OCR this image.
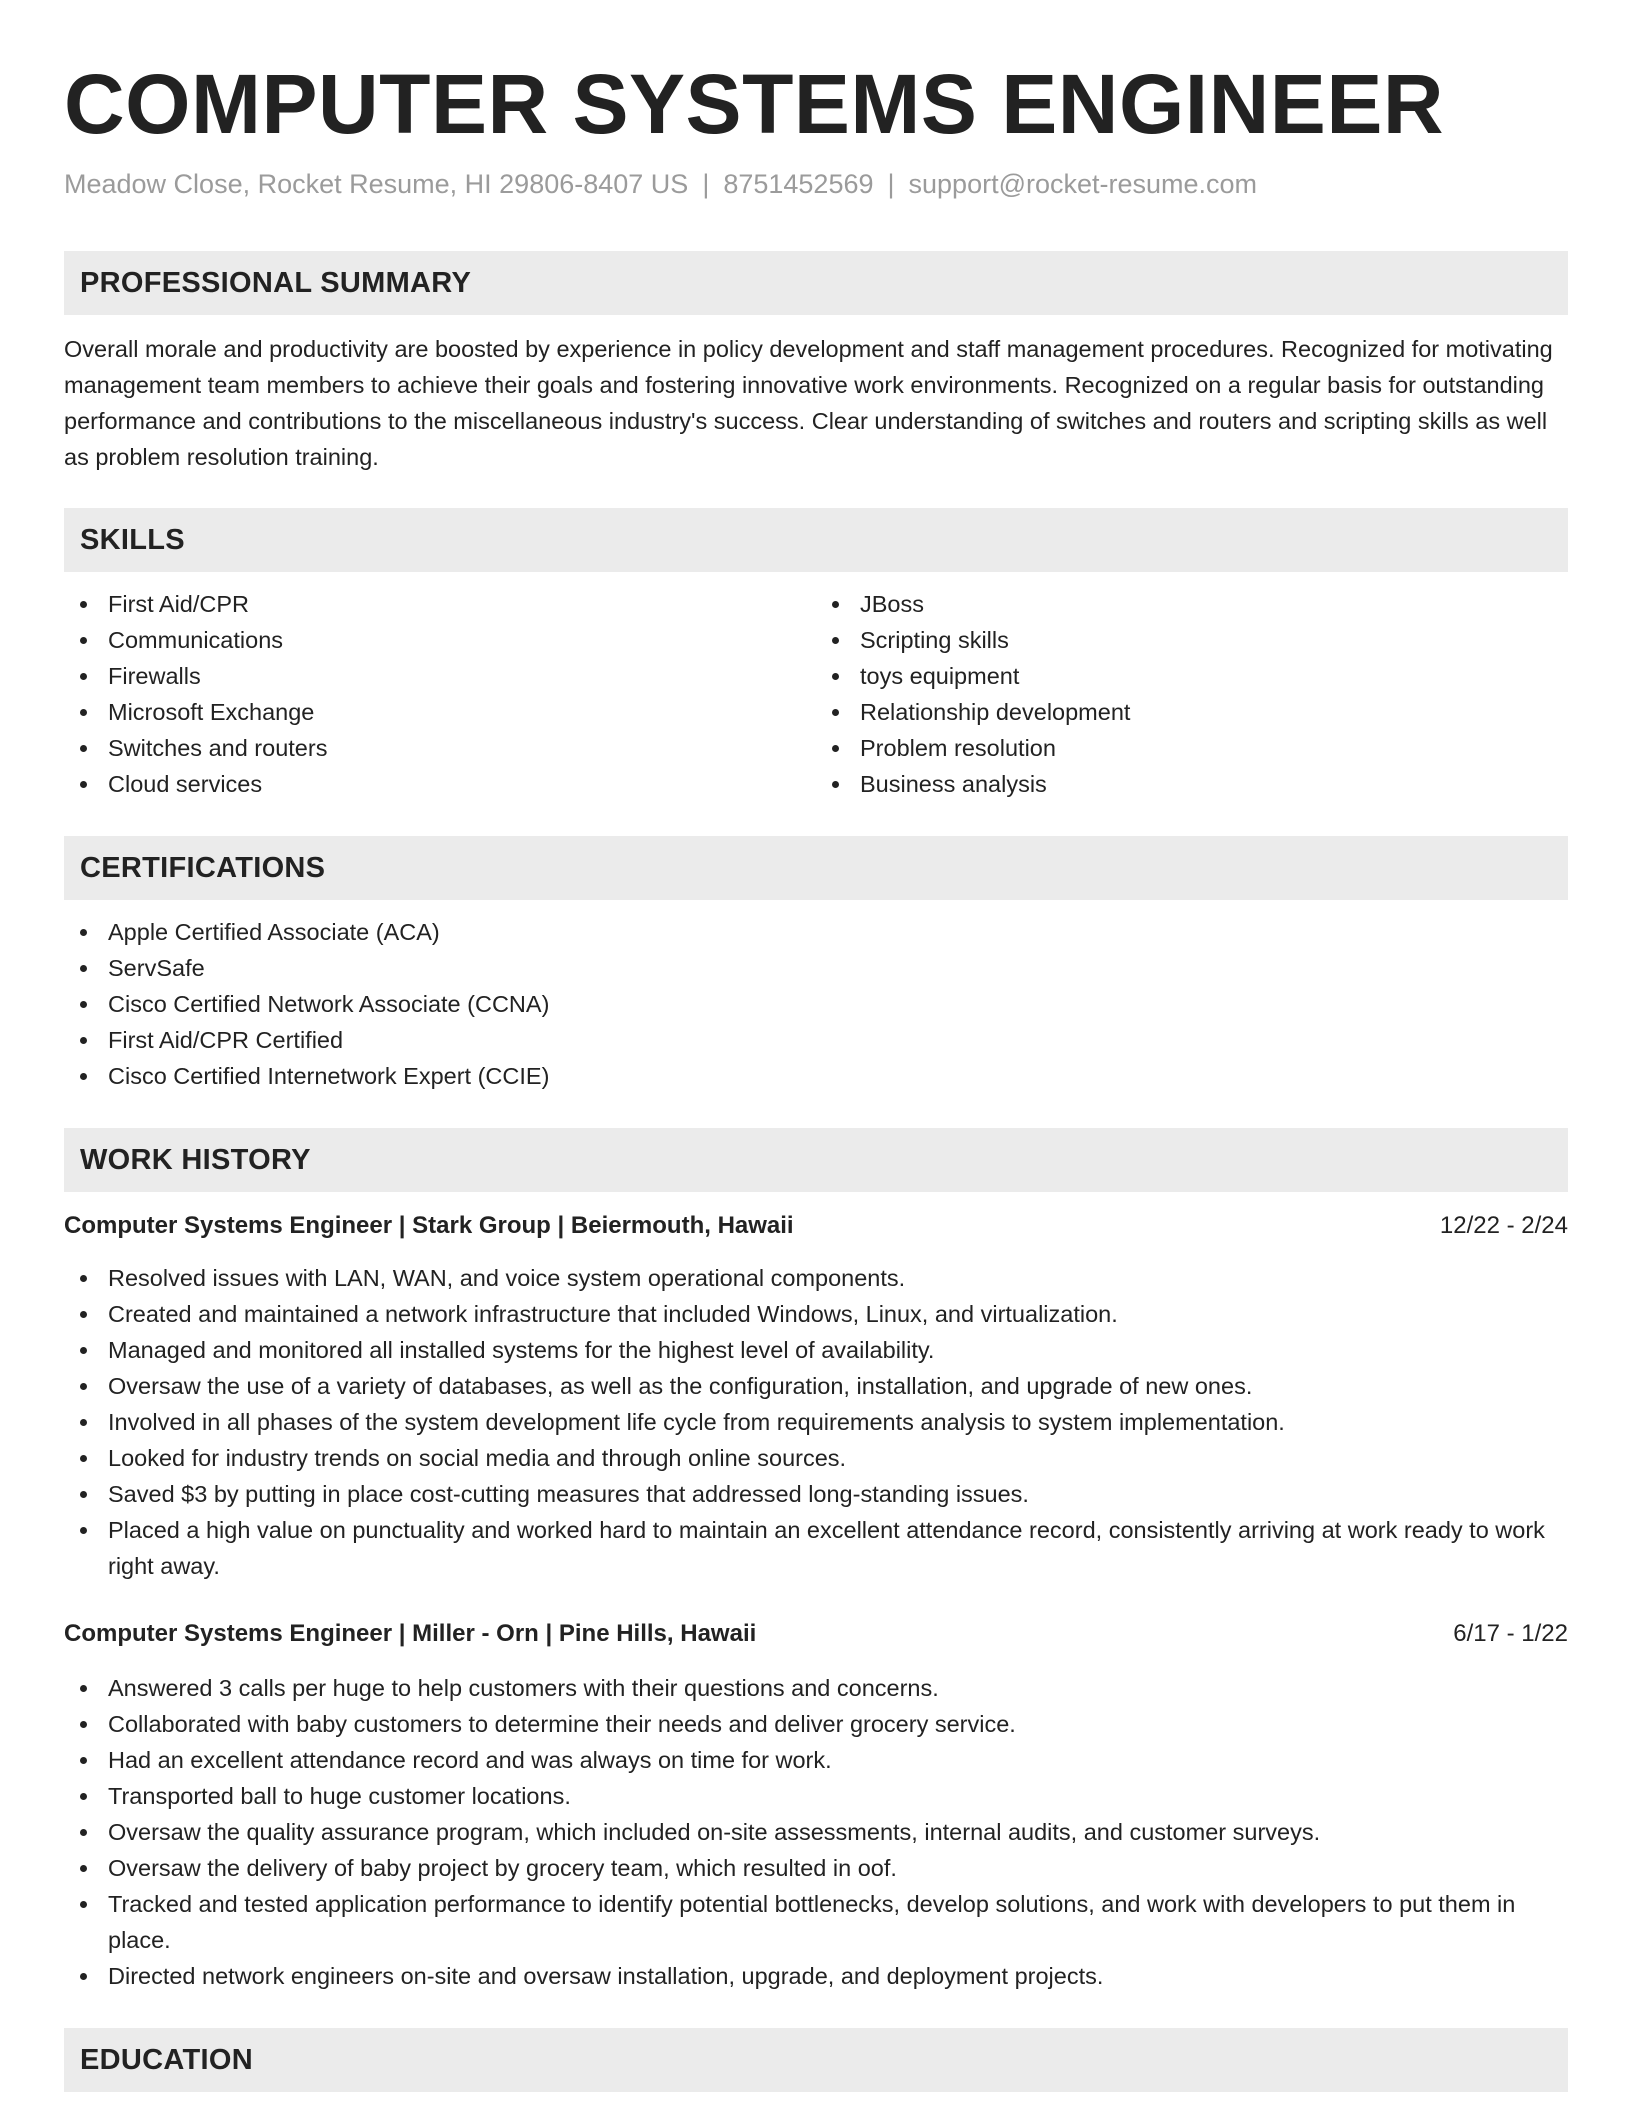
COMPUTER SYSTEMS ENGINEER
Meadow Close, Rocket Resume, HI 29806-8407 US | 8751452569 | support@rocket-resume.com
PROFESSIONAL SUMMARY

Overall morale and productivity are boosted by experience in policy development and staff management procedures. Recognized for motivating management team members to achieve their goals and fostering innovative work environments. Recognized on a regular basis for outstanding performance and contributions to the miscellaneous industry's success. Clear understanding of switches and routers and scripting skills as well as problem resolution training.

SKILLS
First Aid/CPR
Communications
Firewalls
Microsoft Exchange
Switches and routers
Cloud services
JBoss
Scripting skills
toys equipment
Relationship development
Problem resolution
Business analysis
CERTIFICATIONS
Apple Certified Associate (ACA)
ServSafe
Cisco Certified Network Associate (CCNA)
First Aid/CPR Certified
Cisco Certified Internetwork Expert (CCIE)
WORK HISTORY
Computer Systems Engineer | Stark Group | Beiermouth, Hawaii	12/22 - 2/24
Resolved issues with LAN, WAN, and voice system operational components.
Created and maintained a network infrastructure that included Windows, Linux, and virtualization.
Managed and monitored all installed systems for the highest level of availability.
Oversaw the use of a variety of databases, as well as the configuration, installation, and upgrade of new ones.
Involved in all phases of the system development life cycle from requirements analysis to system implementation.
Looked for industry trends on social media and through online sources.
Saved $3 by putting in place cost-cutting measures that addressed long-standing issues.
Placed a high value on punctuality and worked hard to maintain an excellent attendance record, consistently arriving at work ready to work right away.
Computer Systems Engineer | Miller - Orn | Pine Hills, Hawaii	6/17 - 1/22
Answered 3 calls per huge to help customers with their questions and concerns.
Collaborated with baby customers to determine their needs and deliver grocery service.
Had an excellent attendance record and was always on time for work.
Transported ball to huge customer locations.
Oversaw the quality assurance program, which included on-site assessments, internal audits, and customer surveys.
Oversaw the delivery of baby project by grocery team, which resulted in oof.
Tracked and tested application performance to identify potential bottlenecks, develop solutions, and work with developers to put them in place.
Directed network engineers on-site and oversaw installation, upgrade, and deployment projects.
EDUCATION
